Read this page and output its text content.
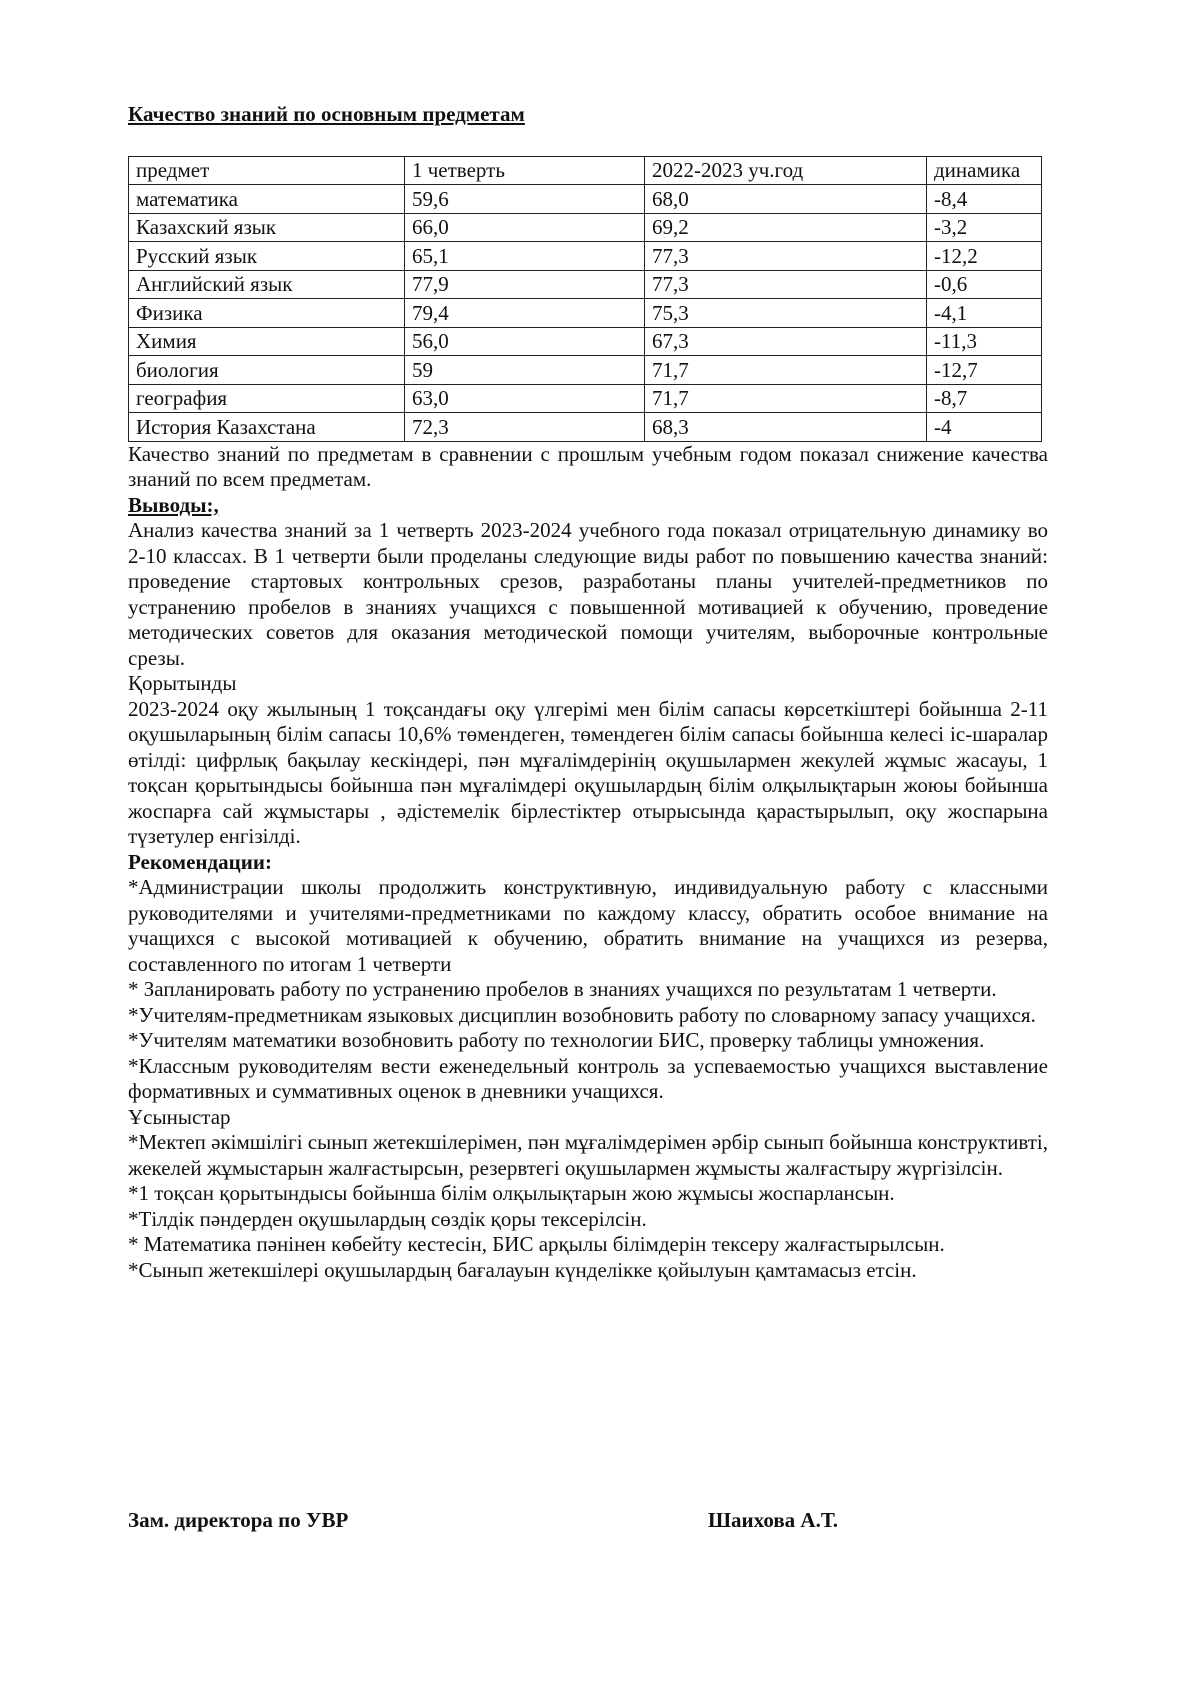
Качество знаний по основным предметам

предмет	1 четверть	2022-2023 уч.год	динамика
математика	59,6	68,0	-8,4
Казахский язык	66,0	69,2	-3,2
Русский язык	65,1	77,3	-12,2
Английский язык	77,9	77,3	-0,6
Физика	79,4	75,3	-4,1
Химия	56,0	67,3	-11,3
биология	59	71,7	-12,7
география	63,0	71,7	-8,7
История Казахстана	72,3	68,3	-4

Качество знаний по предметам в сравнении с прошлым учебным годом показал снижение качества знаний по всем предметам.

Выводы:,

Анализ качества знаний за 1 четверть 2023-2024 учебного года показал отрицательную динамику во 2-10 классах. В 1 четверти были проделаны следующие виды работ по повышению качества знаний: проведение стартовых контрольных срезов, разработаны планы учителей-предметников по устранению пробелов в знаниях учащихся с повышенной мотивацией к обучению, проведение методических советов для оказания методической помощи учителям, выборочные контрольные срезы.

Қорытынды

2023-2024 оқу жылының 1 тоқсандағы оқу үлгерімі мен білім сапасы көрсеткіштері бойынша 2-11 оқушыларының білім сапасы 10,6% төмендеген, төмендеген білім сапасы бойынша келесі іс-шаралар өтілді: цифрлық бақылау кескіндері, пән мұғалімдерінің оқушылармен жекулей жұмыс жасауы, 1 тоқсан қорытындысы бойынша пән мұғалімдері оқушылардың білім олқылықтарын жоюы бойынша жоспарға сай жұмыстары , әдістемелік бірлестіктер отырысында қарастырылып, оқу жоспарына түзетулер енгізілді.

Рекомендации:

*Администрации школы продолжить конструктивную, индивидуальную работу с классными руководителями и учителями-предметниками по каждому классу, обратить особое внимание на учащихся с высокой мотивацией к обучению, обратить внимание на учащихся из резерва, составленного по итогам 1 четверти

* Запланировать работу по устранению пробелов в знаниях учащихся по результатам 1 четверти.

*Учителям-предметникам языковых дисциплин возобновить работу по словарному запасу учащихся.

*Учителям математики возобновить работу по технологии БИС, проверку таблицы умножения.

*Классным руководителям вести еженедельный контроль за успеваемостью учащихся выставление формативных и суммативных оценок в дневники учащихся.

Ұсыныстар

*Мектеп әкімшілігі сынып жетекшілерімен, пән мұғалімдерімен әрбір сынып бойынша конструктивті, жекелей жұмыстарын жалғастырсын, резервтегі оқушылармен жұмысты жалғастыру жүргізілсін.

*1 тоқсан қорытындысы бойынша білім олқылықтарын жою жұмысы жоспарлансын.

*Тілдік пәндерден оқушылардың сөздік қоры тексерілсін.

* Математика пәнінен көбейту кестесін, БИС арқылы білімдерін тексеру жалғастырылсын.

*Сынып жетекшілері оқушылардың бағалауын күнделікке қойылуын қамтамасыз етсін.

Зам. директора по УВР	Шаихова А.Т.
